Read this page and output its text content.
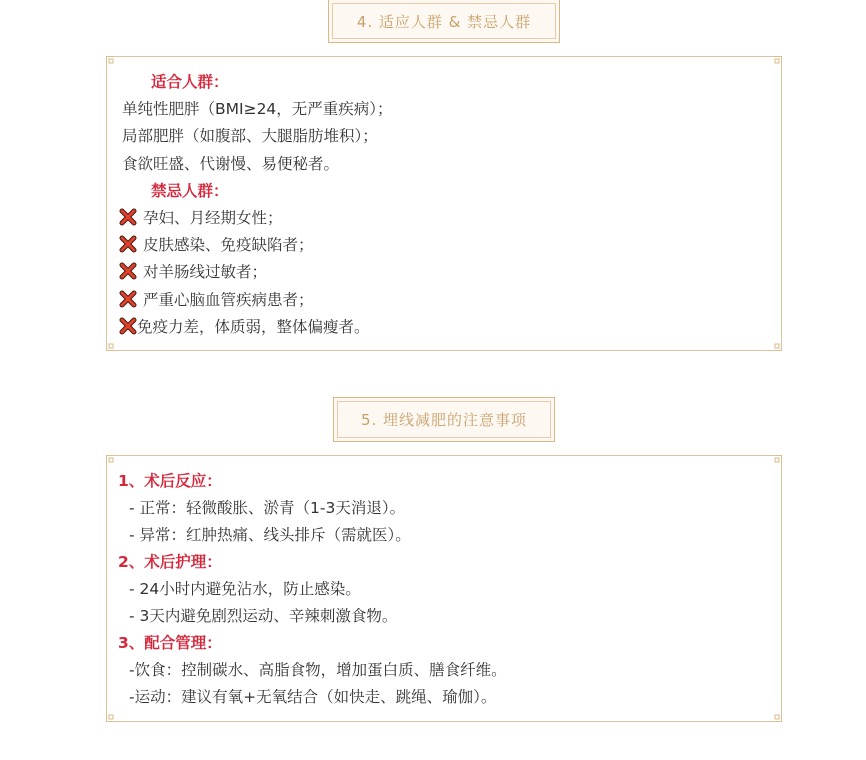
4. 适应人群 & 禁忌人群
适合人群：
单纯性肥胖（BMI≥24，无严重疾病）；
局部肥胖（如腹部、大腿脂肪堆积）；
食欲旺盛、代谢慢、易便秘者。
禁忌人群：
孕妇、月经期女性；
皮肤感染、免疫缺陷者；
对羊肠线过敏者；
严重心脑血管疾病患者；
免疫力差，体质弱，整体偏瘦者。
5. 埋线减肥的注意事项
1、术后反应：
- 正常：轻微酸胀、淤青（1-3天消退）。
- 异常：红肿热痛、线头排斥（需就医）。
2、术后护理：
- 24小时内避免沾水，防止感染。
- 3天内避免剧烈运动、辛辣刺激食物。
3、配合管理：
-饮食：控制碳水、高脂食物，增加蛋白质、膳食纤维。
-运动：建议有氧+无氧结合（如快走、跳绳、瑜伽）。
